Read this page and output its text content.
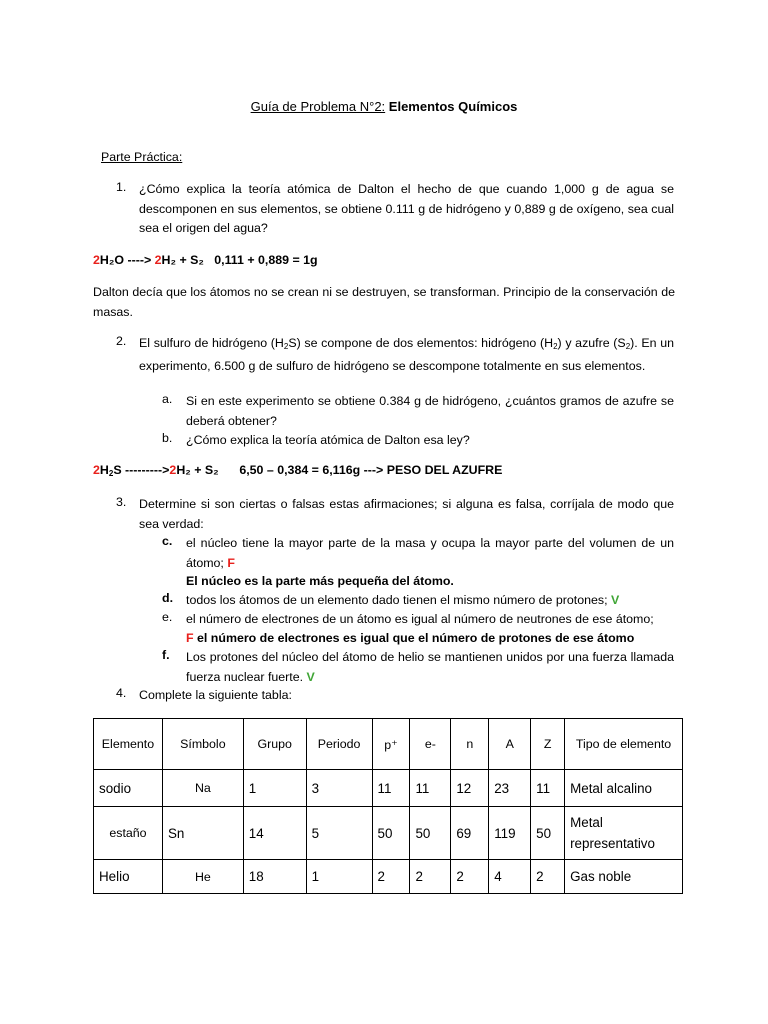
Guía de Problema N°2: Elementos Químicos
Parte Práctica:
1. ¿Cómo explica la teoría atómica de Dalton el hecho de que cuando 1,000 g de agua se descomponen en sus elementos, se obtiene 0.111 g de hidrógeno y 0,889 g de oxígeno, sea cual sea el origen del agua?

2H₂O ----> 2H₂ + S₂ 0,111 + 0,889 = 1g

Dalton decía que los átomos no se crean ni se destruyen, se transforman. Principio de la conservación de masas.

2. El sulfuro de hidrógeno $(H_2S)$ se compone de dos elementos: hidrógeno $(H_2)$ y azufre $(S_2)$. En un experimento, 6.500 g de sulfuro de hidrógeno se descompone totalmente en sus elementos.

a. Si en este experimento se obtiene 0.384 g de hidrógeno, ¿cuántos gramos de azufre se deberá obtener?

b. ¿Cómo explica la teoría atómica de Dalton esa ley?

$2H_2S$ --------->2H₂ + S₂ 6,50 – 0,384 = 6,116g ---> PESO DEL AZUFRE
3. Determine si son ciertas o falsas estas afirmaciones; si alguna es falsa, corríjala de modo que sea verdad:

c. el núcleo tiene la mayor parte de la masa y ocupa la mayor parte del volumen de un átomo; F

El núcleo es la parte más pequeña del átomo.

d. todos los átomos de un elemento dado tienen el mismo número de protones; V

e. el número de electrones de un átomo es igual al número de neutrones de ese átomo;

F el número de electrones es igual que el número de protones de ese átomo

f. Los protones del núcleo del átomo de helio se mantienen unidos por una fuerza llamada fuerza nuclear fuerte. V

4. Complete la siguiente tabla:

Elemento	Símbolo	Grupo	Periodo	p⁺	e-	n	A	Z	Tipo de elemento
sodio	Na	1	3	11	11	12	23	11	Metal alcalino
estaño	Sn	14	5	50	50	69	119	50	Metal representativo
Helio	He	18	1	2	2	2	4	2	Gas noble
